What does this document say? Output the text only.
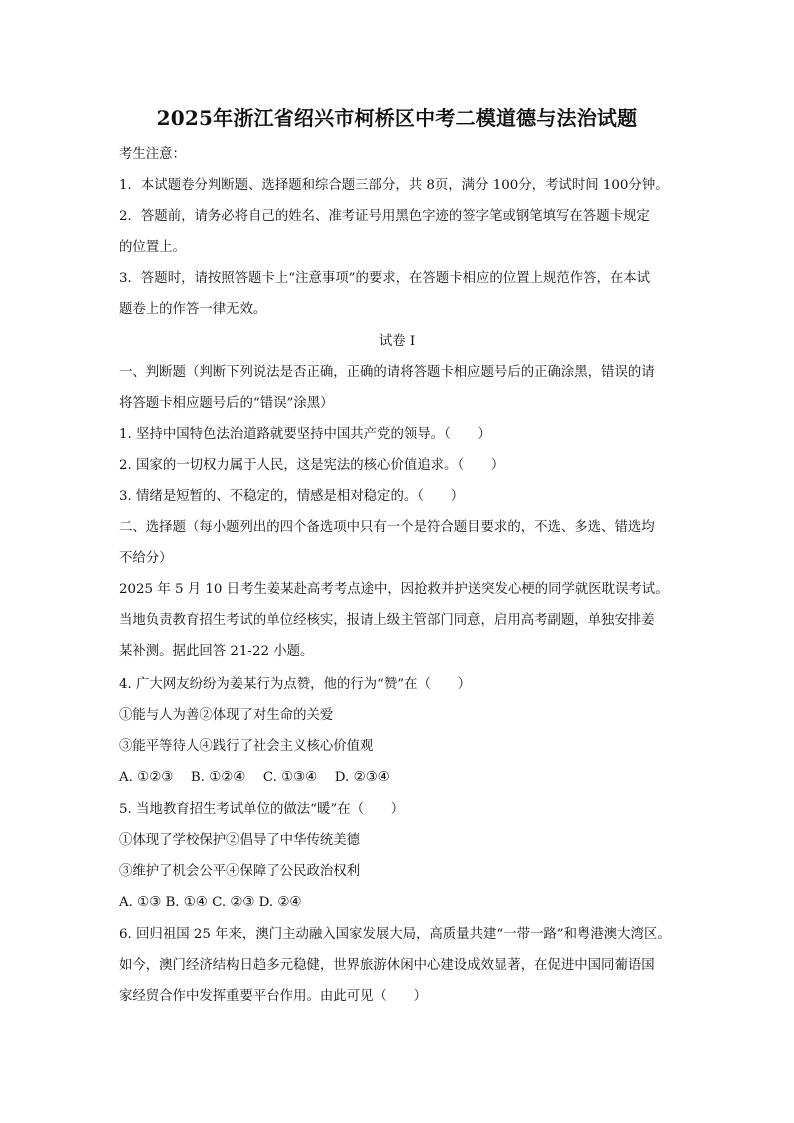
2025年浙江省绍兴市柯桥区中考二模道德与法治试题
考生注意：
1．本试题卷分判断题、选择题和综合题三部分，共 8页，满分 100分，考试时间 100分钟。
2．答题前，请务必将自己的姓名、准考证号用黑色字迹的签字笔或钢笔填写在答题卡规定
的位置上。
3．答题时，请按照答题卡上“注意事项”的要求，在答题卡相应的位置上规范作答，在本试
题卷上的作答一律无效。
试卷 I
一、判断题（判断下列说法是否正确，正确的请将答题卡相应题号后的正确涂黑，错误的请
将答题卡相应题号后的“错误”涂黑）
1. 坚持中国特色法治道路就要坚持中国共产党的领导。（　　）
2. 国家的一切权力属于人民，这是宪法的核心价值追求。（　　）
3. 情绪是短暂的、不稳定的，情感是相对稳定的。（　　）
二、选择题（每小题列出的四个备选项中只有一个是符合题目要求的，不选、多选、错选均
不给分）
2025 年 5 月 10 日考生姜某赴高考考点途中，因抢救并护送突发心梗的同学就医耽误考试。
当地负责教育招生考试的单位经核实，报请上级主管部门同意，启用高考副题，单独安排姜
某补测。据此回答 21-22 小题。
4. 广大网友纷纷为姜某行为点赞，他的行为“赞”在（　　）
①能与人为善②体现了对生命的关爱
③能平等待人④践行了社会主义核心价值观
A. ①②③　 B. ①②④　 C. ①③④　 D. ②③④
5. 当地教育招生考试单位的做法“暖”在（　　）
①体现了学校保护②倡导了中华传统美德
③维护了机会公平④保障了公民政治权利
A. ①③ B. ①④ C. ②③ D. ②④
6. 回归祖国 25 年来，澳门主动融入国家发展大局，高质量共建“一带一路”和粤港澳大湾区。
如今，澳门经济结构日趋多元稳健，世界旅游休闲中心建设成效显著，在促进中国同葡语国
家经贸合作中发挥重要平台作用。由此可见（　　）
